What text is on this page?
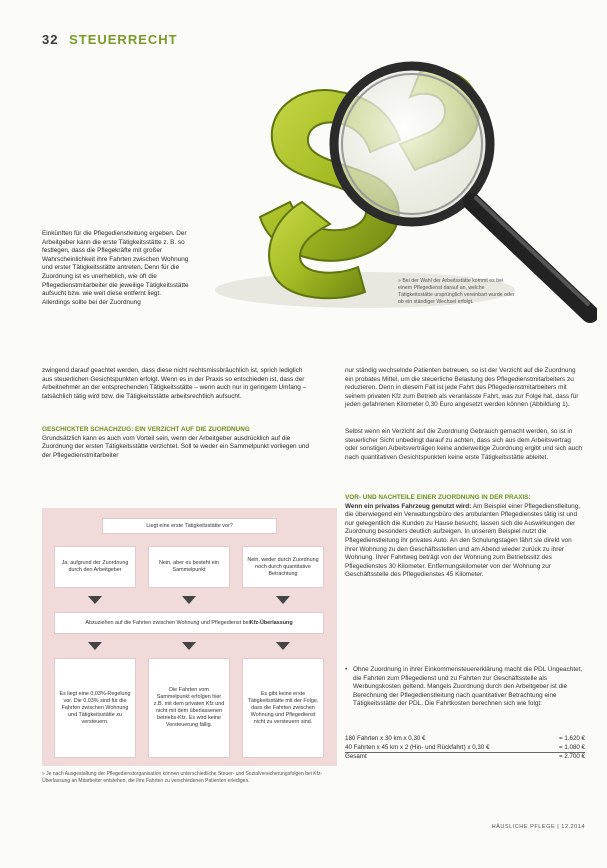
32 STEUERRECHT
» Bei der Wahl der Arbeitsstätte kommt es bei einem Pflegedienst darauf an, welche Tätigkeitsstätte ursprünglich vereinbart wurde oder ob ein ständiger Wechsel erfolgt.
Einkünften für die Pflegedienstleitung ergeben. Der Arbeitgeber kann die erste Tätigkeitsstätte z. B. so festlegen, dass die Pflegekräfte mit großer Wahrscheinlichkeit ihre Fahrten zwischen Wohnung und erster Tätigkeitsstätte antreten. Denn für die Zuordnung ist es unerheblich, wie oft die Pflegedienstmitarbeiter die jeweilige Tätigkeitsstätte aufsucht bzw. wie weit diese entfernt liegt. Allerdings sollte bei der Zuordnung
zwingend darauf geachtet werden, dass diese nicht rechtsmissbräuchlich ist, sprich lediglich aus steuerlichen Gesichtspunkten erfolgt. Wenn es in der Praxis so entschieden ist, dass der Arbeitnehmer an der entsprechenden Tätigkeitsstätte – wenn auch nur in geringem Umfang – tatsächlich tätig wird bzw. die Tätigkeitsstätte arbeitsrechtlich aufsucht.
GESCHICKTER SCHACHZUG: EIN VERZICHT AUF DIE ZUORDNUNG
Grundsätzlich kann es auch vom Vorteil sein, wenn der Arbeitgeber ausdrücklich auf die Zuordnung der ersten Tätigkeitsstätte verzichtet. Soll te weder ein Sammelpunkt vorliegen und der Pflegedienstmitarbeiter
Liegt eine erste Tätigkeitsstätte vor?
Ja, aufgrund der Zuordnung durch den Arbeitgeber
Nein, aber es besteht ein Sammelpunkt
Nein, weder durch Zuordnung noch durch quantitative Betrachtung
Abzuziehen auf die Fahrten zwischen Wohnung und Pflegedienst bei Kfz-Überlassung
Es liegt eine 0,03%-Regelung vor. Die 0,03% sind für die Fahrten zwischen Wohnung und Tätigkeitsstätte zu versteuern.
Die Fahrten vom Sammelpunkt erfolgen hier z.B. mit dem privaten Kfz und nicht mit dem überlassenen betriebs-Kfz. Es wird keine Versteuerung fällig.
Es gibt keine erste Tätigkeitsstätte mit der Folge, dass die Fahrten zwischen Wohnung und Pflegedienst nicht zu versteuern sind.
» Je nach Ausgestaltung der Pflegedienstorganisation können unterschiedliche Steuer- und Sozialversicherungsfolgen bei Kfz-Überlassung an Mitarbeiter entstehen, die ihre Fahrten zu verschiedenen Patienten erledigen.
nur ständig wechselnde Patienten betreuen, so ist der Verzicht auf die Zuordnung ein probates Mittel, um die steuerliche Belastung des Pflegedienstmitarbeiters zu reduzieren. Denn in diesem Fall ist jede Fahrt des Pflegedienstmitarbeiters mit seinem privaten Kfz zum Betrieb als veranlasste Fahrt, was zur Folge hat, dass für jeden gefahrenen Kilometer 0,30 Euro angesetzt werden können (Abbildung 1).
Selbst wenn ein Verzicht auf die Zuordnung Gebrauch gemacht werden, so ist in steuerlicher Sicht unbedingt darauf zu achten, dass sich aus dem Arbeitsvertrag oder sonstigen Arbeitsverträgen keine anderweitige Zuordnung ergibt und sich auch nach quantitativen Gesichtspunkten keine erste Tätigkeitsstätte ableitet.
VOR- UND NACHTEILE EINER ZUORDNUNG IN DER PRAXIS:
Wenn ein privates Fahrzeug genutzt wird: Am Beispiel einer Pflegedienstleitung, die überwiegend ein Verwaltungsbüro des ambulanten Pflegedienstes tätig ist und nur gelegentlich die Kunden zu Hause besucht, lassen sich die Auswirkungen der Zuordnung besonders deutlich aufzeigen. In unserem Beispiel nutzt die Pflegedienstleitung ihr privates Auto. An den Schulungstagen fährt sie direkt von ihrer Wohnung zu den Geschäftsstellen und am Abend wieder zurück zu ihrer Wohnung. Ihrer Fahrtweg beträgt von der Wohnung zum Betriebssitz des Pflegedienstes 30 Kilometer. Entfernungskilometer von der Wohnung zur Geschäftsstelle des Pflegedienstes 45 Kilometer.
• Ohne Zuordnung in ihrer Einkommensteuererklärung macht die PDL Ungeachtet, die Fahrten zum Pflegedienst und zu Fahrten zur Geschäftsstelle als Werbungskosten geltend. Mangels Zuordnung durch den Arbeitgeber ist die Berechnung der Pflegedienstleitung nach quantitativer Betrachtung eine Tätigkeitsstätte der PDL. Die Fahrtkosten berechnen sich wie folgt:
180 Fahrten x 30 km x 0,30 €	= 1.620 €
40 Fahrten x 45 km x 2 (Hin- und Rückfahrt) x 0,30 €	= 1.080 €
Gesamt	= 2.700 €
HÄUSLICHE PFLEGE | 12.2014
